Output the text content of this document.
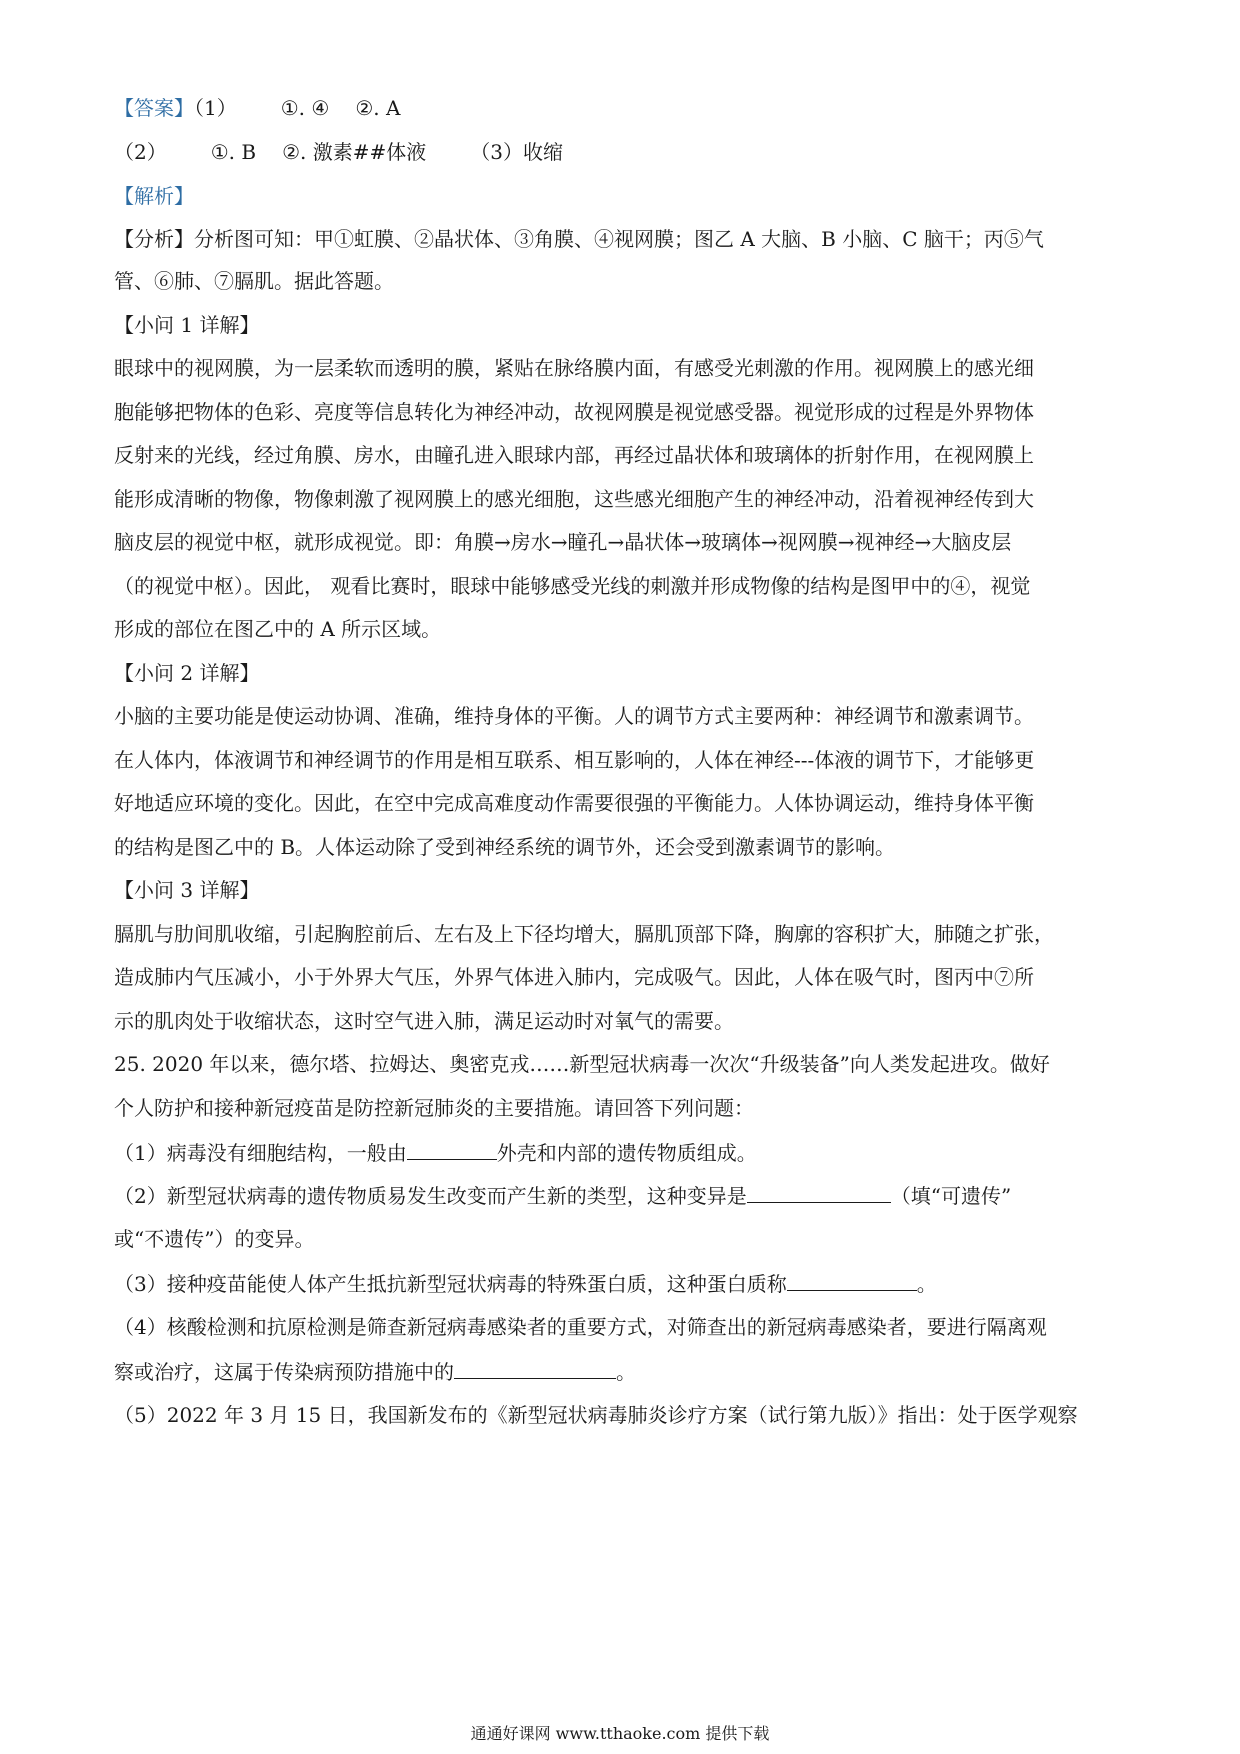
【答案】（1） ①. ④ ②. A
（2） ①. B ②. 激素##体液 （3）收缩
【解析】
【分析】分析图可知：甲①虹膜、②晶状体、③角膜、④视网膜；图乙 A 大脑、B 小脑、C 脑干；丙⑤气
管、⑥肺、⑦膈肌。据此答题。
【小问 1 详解】
眼球中的视网膜，为一层柔软而透明的膜，紧贴在脉络膜内面，有感受光刺激的作用。视网膜上的感光细
胞能够把物体的色彩、亮度等信息转化为神经冲动，故视网膜是视觉感受器。视觉形成的过程是外界物体
反射来的光线，经过角膜、房水，由瞳孔进入眼球内部，再经过晶状体和玻璃体的折射作用，在视网膜上
能形成清晰的物像，物像刺激了视网膜上的感光细胞，这些感光细胞产生的神经冲动，沿着视神经传到大
脑皮层的视觉中枢，就形成视觉。即：角膜→房水→瞳孔→晶状体→玻璃体→视网膜→视神经→大脑皮层
（的视觉中枢）。因此， 观看比赛时，眼球中能够感受光线的刺激并形成物像的结构是图甲中的④，视觉
形成的部位在图乙中的 A 所示区域。
【小问 2 详解】
小脑的主要功能是使运动协调、准确，维持身体的平衡。人的调节方式主要两种：神经调节和激素调节。
在人体内，体液调节和神经调节的作用是相互联系、相互影响的，人体在神经---体液的调节下，才能够更
好地适应环境的变化。因此，在空中完成高难度动作需要很强的平衡能力。人体协调运动，维持身体平衡
的结构是图乙中的 B。人体运动除了受到神经系统的调节外，还会受到激素调节的影响。
【小问 3 详解】
膈肌与肋间肌收缩，引起胸腔前后、左右及上下径均增大，膈肌顶部下降，胸廓的容积扩大，肺随之扩张，
造成肺内气压减小，小于外界大气压，外界气体进入肺内，完成吸气。因此，人体在吸气时，图丙中⑦所
示的肌肉处于收缩状态，这时空气进入肺，满足运动时对氧气的需要。
25. 2020 年以来，德尔塔、拉姆达、奥密克戎……新型冠状病毒一次次“升级装备”向人类发起进攻。做好
个人防护和接种新冠疫苗是防控新冠肺炎的主要措施。请回答下列问题：
（1）病毒没有细胞结构，一般由	外壳和内部的遗传物质组成。
（2）新型冠状病毒的遗传物质易发生改变而产生新的类型，这种变异是	（填“可遗传”
或“不遗传”）的变异。
（3）接种疫苗能使人体产生抵抗新型冠状病毒的特殊蛋白质，这种蛋白质称	。
（4）核酸检测和抗原检测是筛查新冠病毒感染者的重要方式，对筛查出的新冠病毒感染者，要进行隔离观
察或治疗，这属于传染病预防措施中的	。
（5）2022 年 3 月 15 日，我国新发布的《新型冠状病毒肺炎诊疗方案（试行第九版）》指出：处于医学观察
通通好课网 www.tthaoke.com 提供下载
